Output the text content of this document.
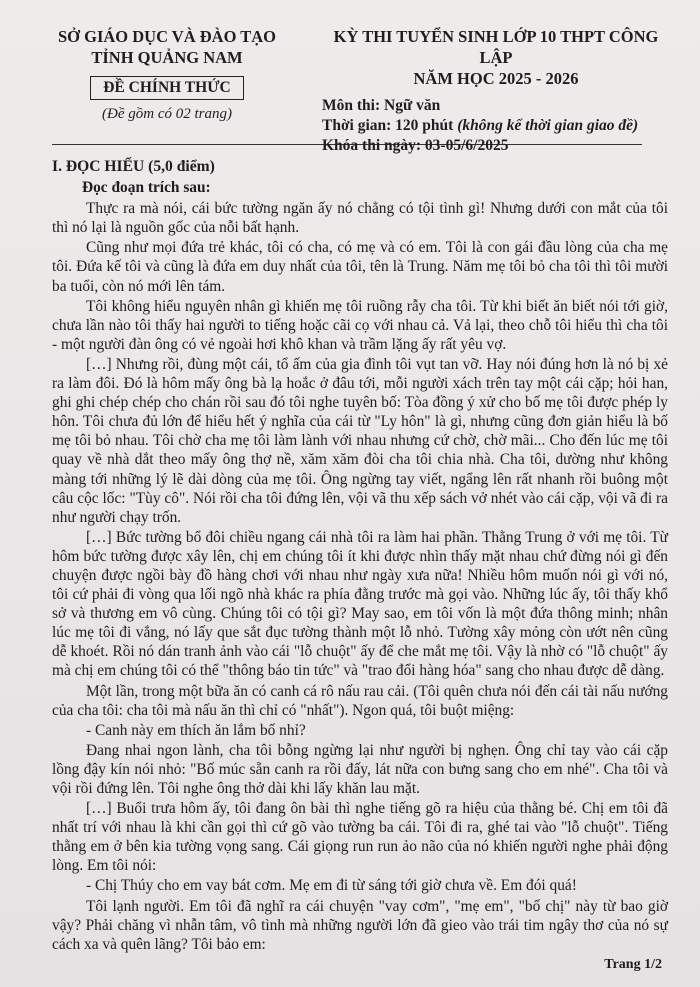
SỞ GIÁO DỤC VÀ ĐÀO TẠO
TỈNH QUẢNG NAM
ĐỀ CHÍNH THỨC
(Đề gồm có 02 trang)
KỲ THI TUYỂN SINH LỚP 10 THPT CÔNG LẬP
NĂM HỌC 2025 - 2026
Môn thi: Ngữ văn
Thời gian: 120 phút (không kể thời gian giao đề)
Khóa thi ngày: 03-05/6/2025
I. ĐỌC HIỂU (5,0 điểm)
Đọc đoạn trích sau:

Thực ra mà nói, cái bức tường ngăn ấy nó chẳng có tội tình gì! Nhưng dưới con mắt của tôi thì nó lại là nguồn gốc của nỗi bất hạnh.

Cũng như mọi đứa trẻ khác, tôi có cha, có mẹ và có em. Tôi là con gái đầu lòng của cha mẹ tôi. Đứa kế tôi và cũng là đứa em duy nhất của tôi, tên là Trung. Năm mẹ tôi bỏ cha tôi thì tôi mười ba tuổi, còn nó mới lên tám.

Tôi không hiểu nguyên nhân gì khiến mẹ tôi ruồng rẫy cha tôi. Từ khi biết ăn biết nói tới giờ, chưa lần nào tôi thấy hai người to tiếng hoặc cãi cọ với nhau cả. Vả lại, theo chỗ tôi hiểu thì cha tôi - một người đàn ông có vẻ ngoài hơi khô khan và trầm lặng ấy rất yêu vợ.

[…] Nhưng rồi, đùng một cái, tổ ấm của gia đình tôi vụt tan vỡ. Hay nói đúng hơn là nó bị xẻ ra làm đôi. Đó là hôm mấy ông bà lạ hoắc ở đâu tới, mỗi người xách trên tay một cái cặp; hỏi han, ghi ghi chép chép cho chán rồi sau đó tôi nghe tuyên bố: Tòa đồng ý xử cho bố mẹ tôi được phép ly hôn. Tôi chưa đủ lớn để hiểu hết ý nghĩa của cái từ "Ly hôn" là gì, nhưng cũng đơn giản hiểu là bố mẹ tôi bỏ nhau. Tôi chờ cha mẹ tôi làm lành với nhau nhưng cứ chờ, chờ mãi... Cho đến lúc mẹ tôi quay về nhà dắt theo mấy ông thợ nề, xăm xăm đòi cha tôi chia nhà. Cha tôi, dường như không màng tới những lý lẽ dài dòng của mẹ tôi. Ông ngừng tay viết, ngẩng lên rất nhanh rồi buông một câu cộc lốc: "Tùy cô". Nói rồi cha tôi đứng lên, vội vã thu xếp sách vở nhét vào cái cặp, vội vã đi ra như người chạy trốn.

[…] Bức tường bổ đôi chiều ngang cái nhà tôi ra làm hai phần. Thằng Trung ở với mẹ tôi. Từ hôm bức tường được xây lên, chị em chúng tôi ít khi được nhìn thấy mặt nhau chứ đừng nói gì đến chuyện được ngồi bày đồ hàng chơi với nhau như ngày xưa nữa! Nhiều hôm muốn nói gì với nó, tôi cứ phải đi vòng qua lối ngõ nhà khác ra phía đằng trước mà gọi vào. Những lúc ấy, tôi thấy khổ sở và thương em vô cùng. Chúng tôi có tội gì? May sao, em tôi vốn là một đứa thông minh; nhân lúc mẹ tôi đi vắng, nó lấy que sắt đục tường thành một lỗ nhỏ. Tường xây mỏng còn ướt nên cũng dễ khoét. Rồi nó dán tranh ảnh vào cái "lỗ chuột" ấy để che mắt mẹ tôi. Vậy là nhờ có "lỗ chuột" ấy mà chị em chúng tôi có thể "thông báo tin tức" và "trao đổi hàng hóa" sang cho nhau được dễ dàng.

Một lần, trong một bữa ăn có canh cá rô nấu rau cải. (Tôi quên chưa nói đến cái tài nấu nướng của cha tôi: cha tôi mà nấu ăn thì chỉ có "nhất"). Ngon quá, tôi buột miệng:

- Canh này em thích ăn lắm bố nhỉ?

Đang nhai ngon lành, cha tôi bỗng ngừng lại như người bị nghẹn. Ông chỉ tay vào cái cặp lồng đậy kín nói nhỏ: "Bố múc sẵn canh ra rồi đấy, lát nữa con bưng sang cho em nhé". Cha tôi và vội rồi đứng lên. Tôi nghe ông thở dài khi lấy khăn lau mặt.

[…] Buổi trưa hôm ấy, tôi đang ôn bài thì nghe tiếng gõ ra hiệu của thằng bé. Chị em tôi đã nhất trí với nhau là khi cần gọi thì cứ gõ vào tường ba cái. Tôi đi ra, ghé tai vào "lỗ chuột". Tiếng thằng em ở bên kia tường vọng sang. Cái giọng run run ảo não của nó khiến người nghe phải động lòng. Em tôi nói:

- Chị Thúy cho em vay bát cơm. Mẹ em đi từ sáng tới giờ chưa về. Em đói quá!

Tôi lạnh người. Em tôi đã nghĩ ra cái chuyện "vay cơm", "mẹ em", "bố chị" này từ bao giờ vậy? Phải chăng vì nhẫn tâm, vô tình mà những người lớn đã gieo vào trái tim ngây thơ của nó sự cách xa và quên lãng? Tôi bảo em:

Trang 1/2
